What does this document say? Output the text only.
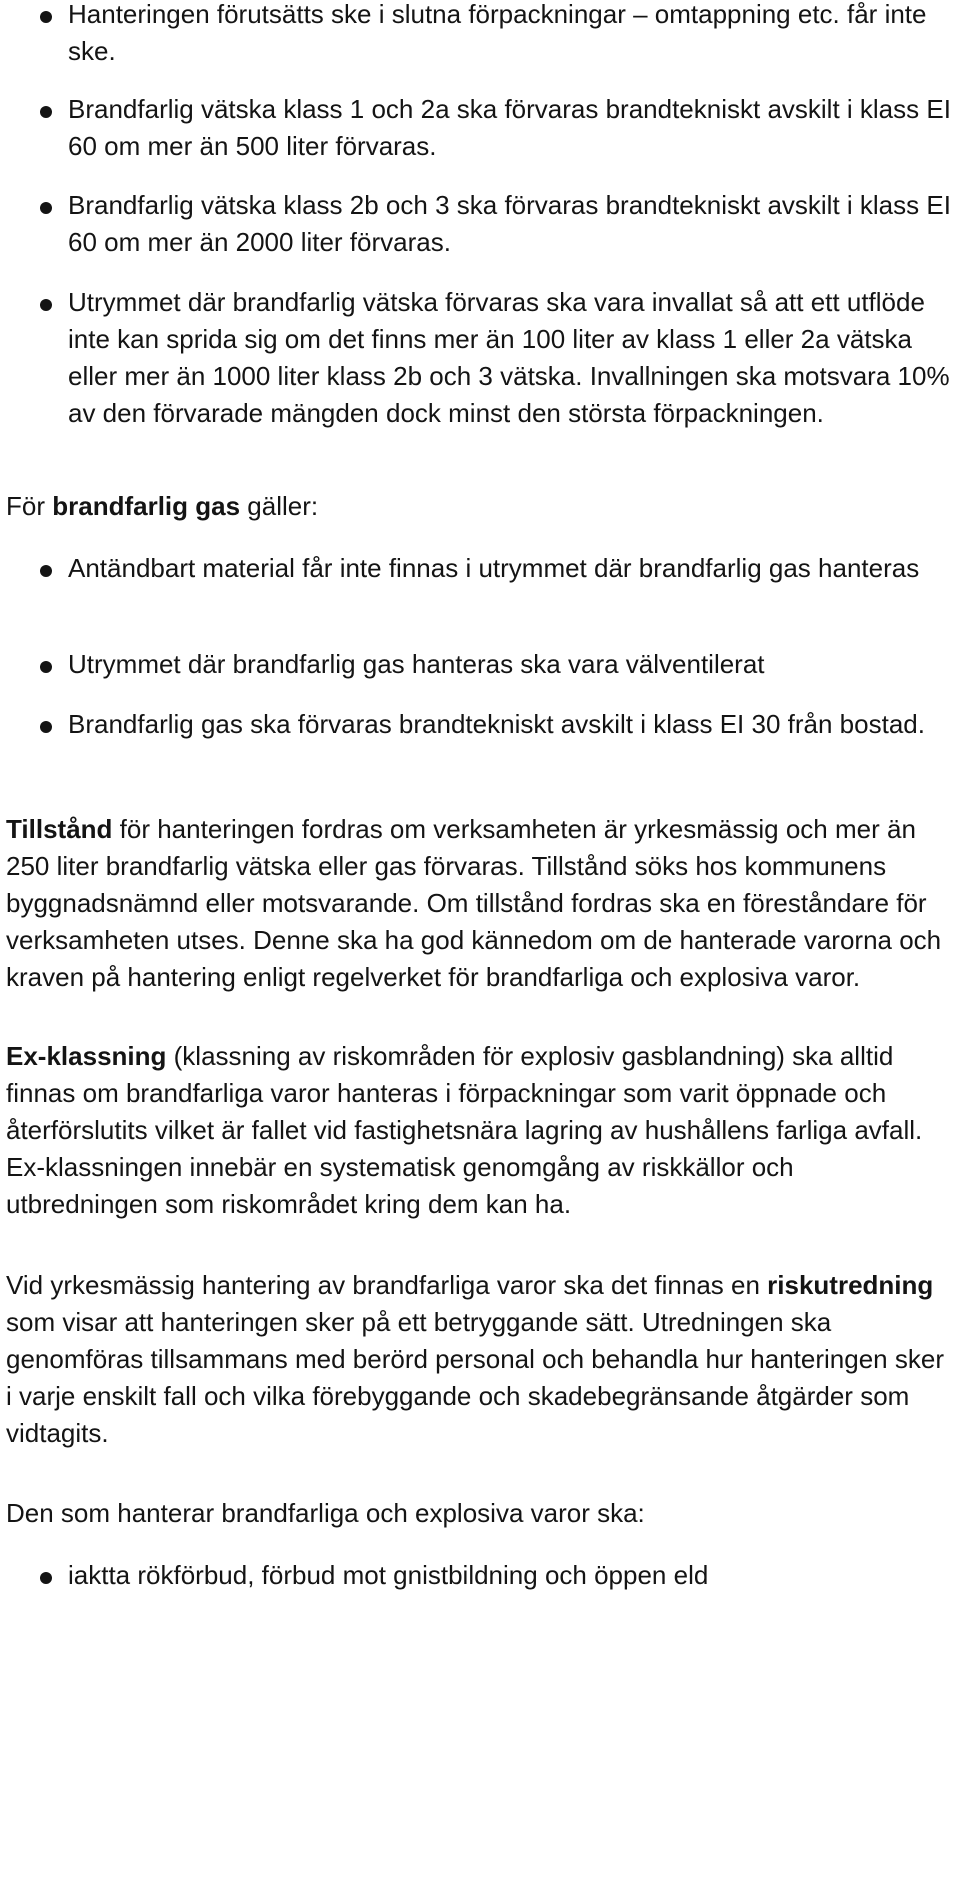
Hanteringen förutsätts ske i slutna förpackningar – omtappning etc. får inte ske.
Brandfarlig vätska klass 1 och 2a ska förvaras brandtekniskt avskilt i klass EI 60 om mer än 500 liter förvaras.
Brandfarlig vätska klass 2b och 3 ska förvaras brandtekniskt avskilt i klass EI 60 om mer än 2000 liter förvaras.
Utrymmet där brandfarlig vätska förvaras ska vara invallat så att ett utflöde inte kan sprida sig om det finns mer än 100 liter av klass 1 eller 2a vätska eller mer än 1000 liter klass 2b och 3 vätska. Invallningen ska motsvara 10% av den förvarade mängden dock minst den största förpackningen.

För brandfarlig gas gäller:

Antändbart material får inte finnas i utrymmet där brandfarlig gas hanteras
Utrymmet där brandfarlig gas hanteras ska vara välventilerat
Brandfarlig gas ska förvaras brandtekniskt avskilt i klass EI 30 från bostad.

Tillstånd för hanteringen fordras om verksamheten är yrkesmässig och mer än 250 liter brandfarlig vätska eller gas förvaras. Tillstånd söks hos kommunens byggnadsnämnd eller motsvarande. Om tillstånd fordras ska en föreståndare för verksamheten utses. Denne ska ha god kännedom om de hanterade varorna och kraven på hantering enligt regelverket för brandfarliga och explosiva varor.

Ex-klassning (klassning av riskområden för explosiv gasblandning) ska alltid finnas om brandfarliga varor hanteras i förpackningar som varit öppnade och återförslutits vilket är fallet vid fastighetsnära lagring av hushållens farliga avfall. Ex-klassningen innebär en systematisk genomgång av riskkällor och utbredningen som riskområdet kring dem kan ha.

Vid yrkesmässig hantering av brandfarliga varor ska det finnas en riskutredning som visar att hanteringen sker på ett betryggande sätt. Utredningen ska genomföras tillsammans med berörd personal och behandla hur hanteringen sker i varje enskilt fall och vilka förebyggande och skadebegränsande åtgärder som vidtagits.

Den som hanterar brandfarliga och explosiva varor ska:

iaktta rökförbud, förbud mot gnistbildning och öppen eld
